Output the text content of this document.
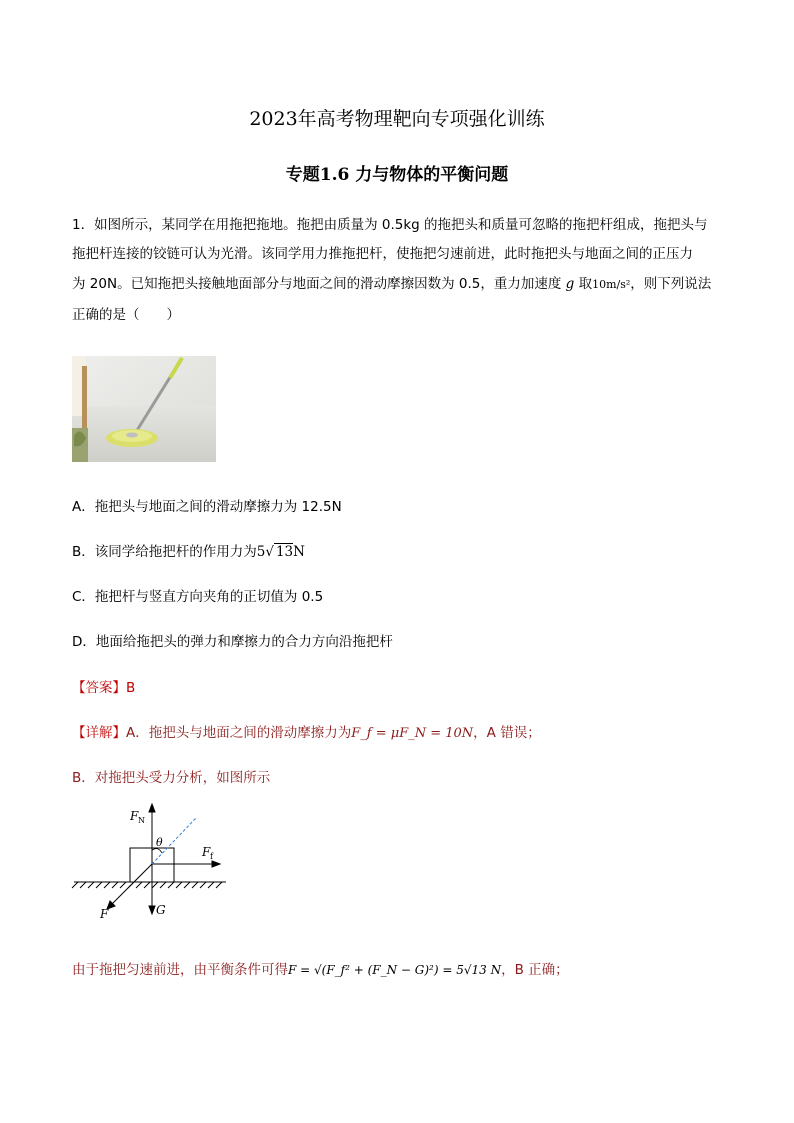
2023年高考物理靶向专项强化训练
专题1.6 力与物体的平衡问题
1．如图所示，某同学在用拖把拖地。拖把由质量为 0.5kg 的拖把头和质量可忽略的拖把杆组成，拖把头与
拖把杆连接的铰链可认为光滑。该同学用力推拖把杆，使拖把匀速前进，此时拖把头与地面之间的正压力
为 20N。已知拖把头接触地面部分与地面之间的滑动摩擦因数为 0.5，重力加速度 g 取10m/s²，则下列说法
正确的是（　　）
A．拖把头与地面之间的滑动摩擦力为 12.5N
B．该同学给拖把杆的作用力为5√ 13N
C．拖把杆与竖直方向夹角的正切值为 0.5
D．地面给拖把头的弹力和摩擦力的合力方向沿拖把杆
【答案】B
【详解】A．拖把头与地面之间的滑动摩擦力为F_f = μF_N = 10N，A 错误；
B．对拖把头受力分析，如图所示
θ
F N
F f
F	G
由于拖把匀速前进，由平衡条件可得F = √(F_f² + (F_N − G)²) = 5√13 N，B 正确；
